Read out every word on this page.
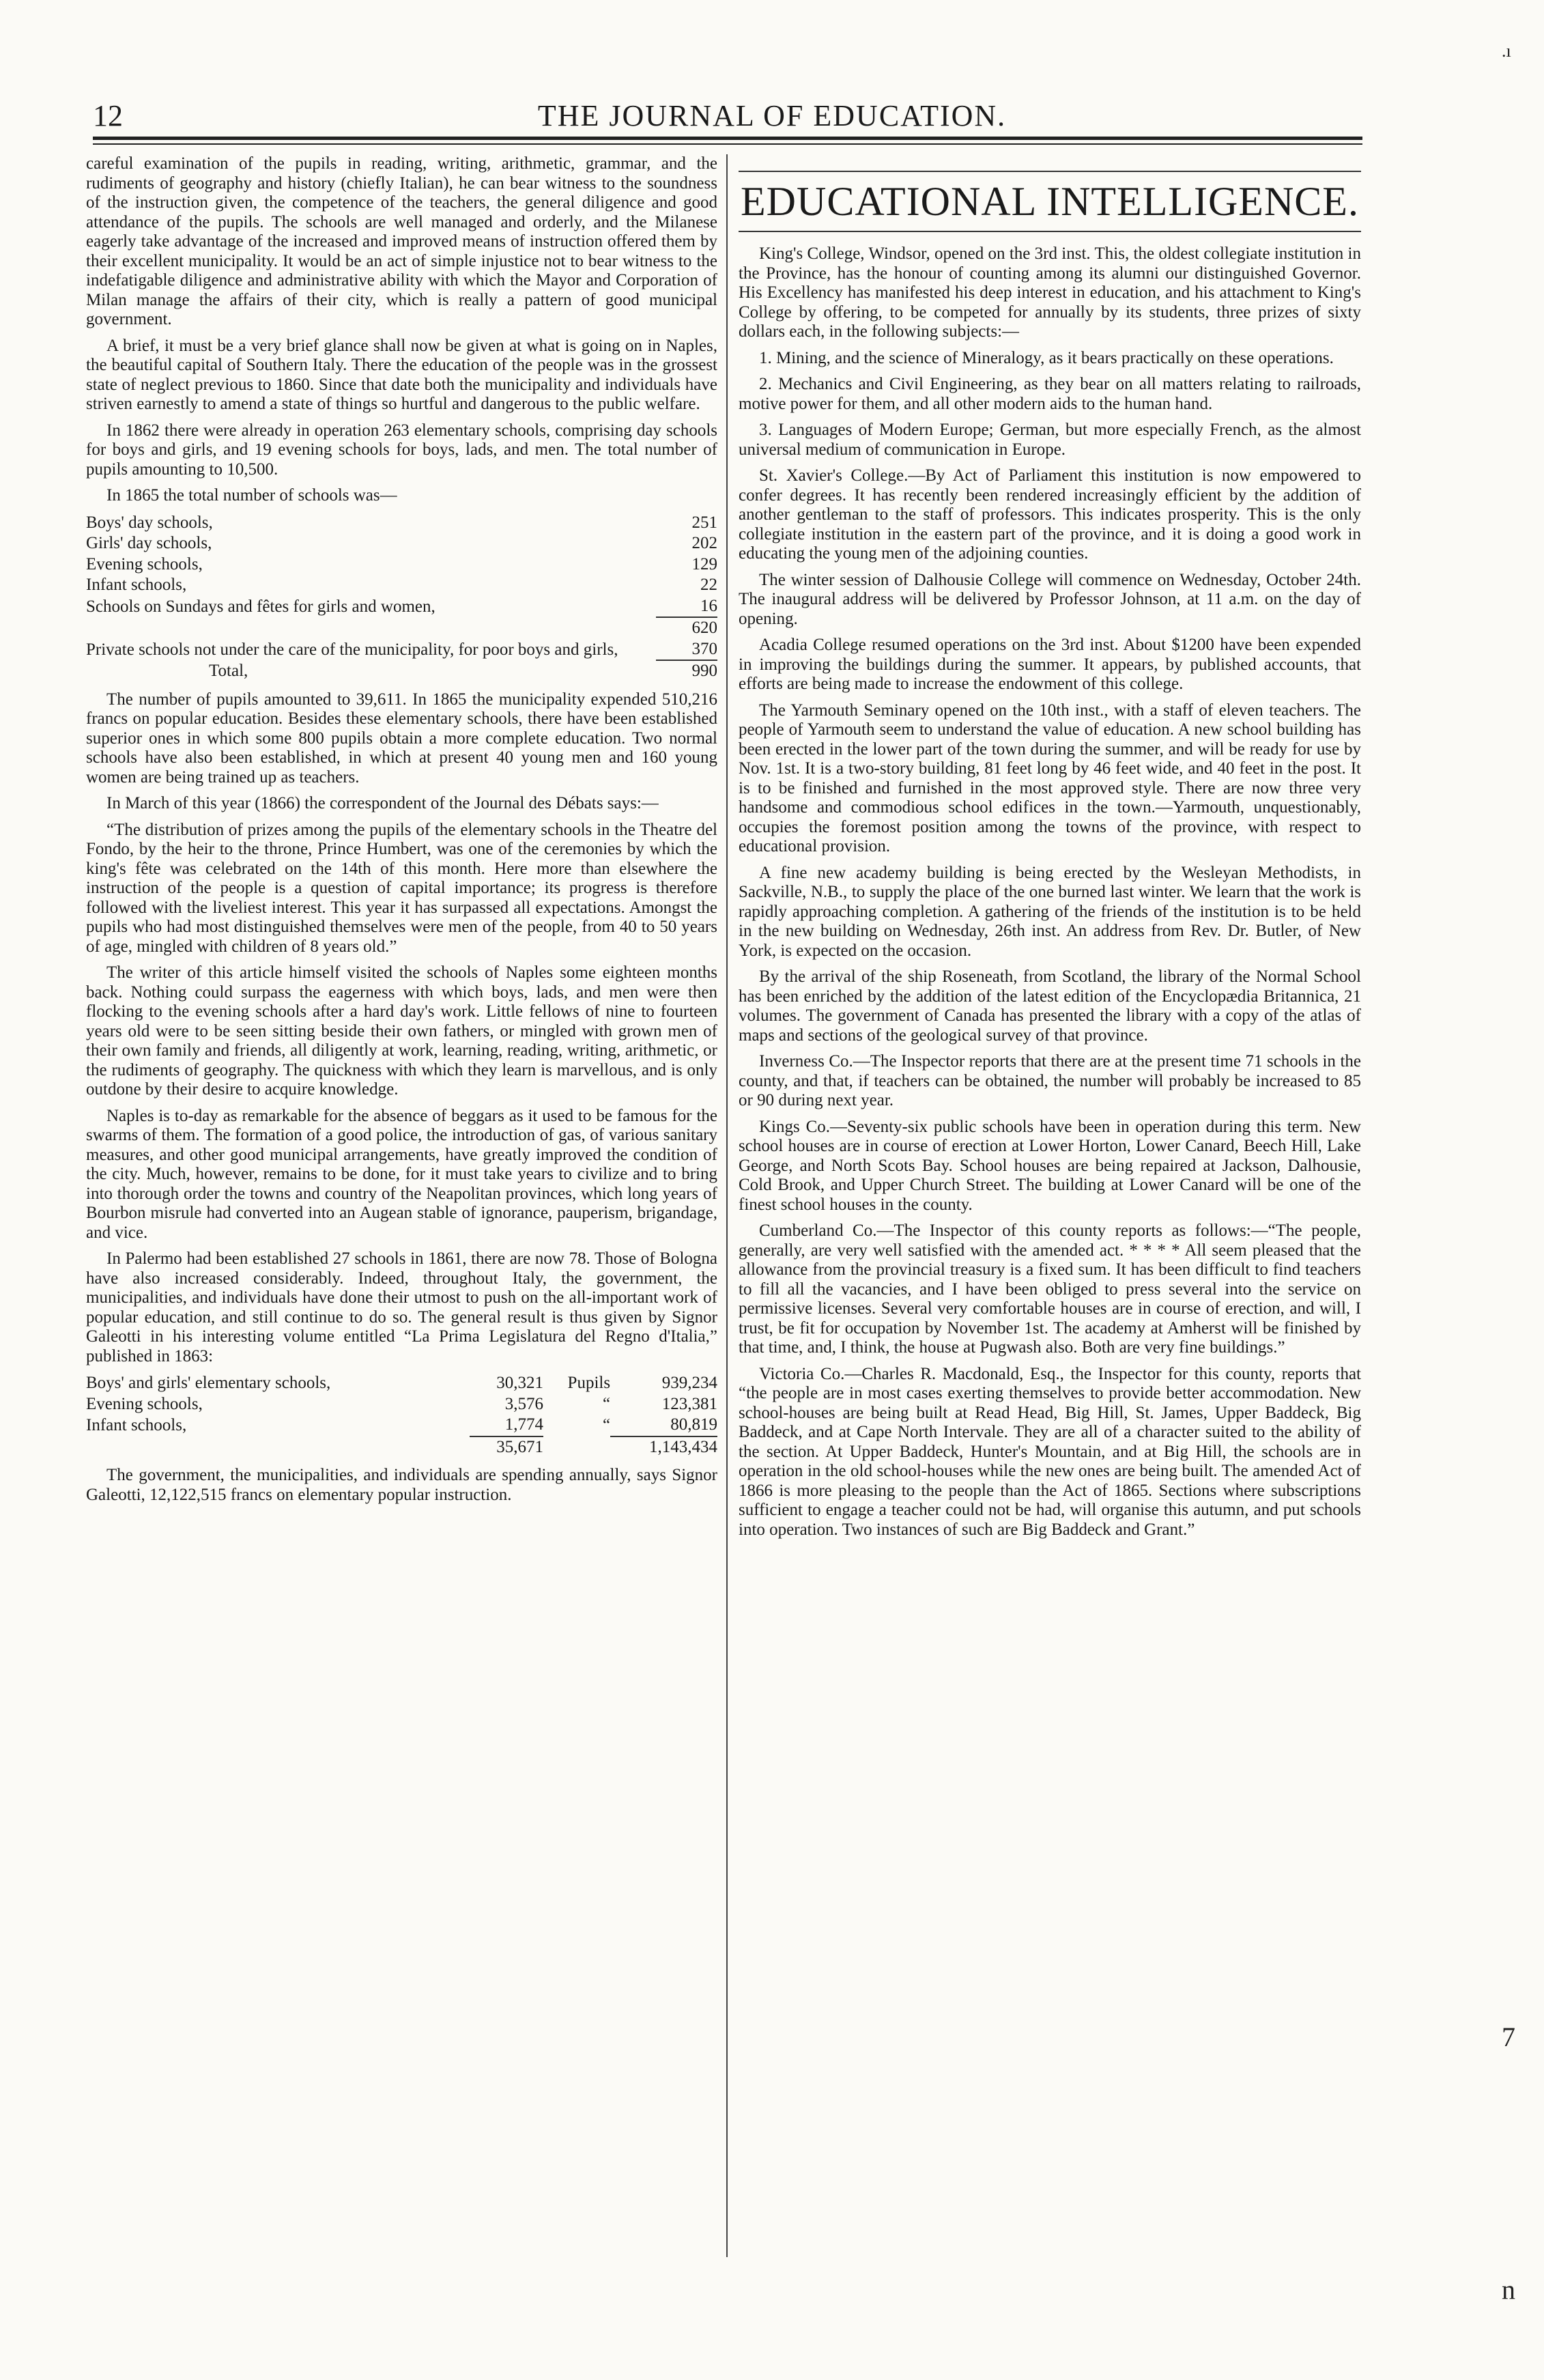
12	THE JOURNAL OF EDUCATION.

careful examination of the pupils in reading, writing, arithmetic, grammar, and the rudiments of geography and history (chiefly Italian), he can bear witness to the soundness of the instruction given, the competence of the teachers, the general diligence and good attendance of the pupils. The schools are well managed and orderly, and the Milanese eagerly take advantage of the increased and improved means of instruction offered them by their excellent municipality. It would be an act of simple injustice not to bear witness to the indefatigable diligence and administrative ability with which the Mayor and Corporation of Milan manage the affairs of their city, which is really a pattern of good municipal government.

A brief, it must be a very brief glance shall now be given at what is going on in Naples, the beautiful capital of Southern Italy. There the education of the people was in the grossest state of neglect previous to 1860. Since that date both the municipality and individuals have striven earnestly to amend a state of things so hurtful and dangerous to the public welfare.

In 1862 there were already in operation 263 elementary schools, comprising day schools for boys and girls, and 19 evening schools for boys, lads, and men. The total number of pupils amounting to 10,500.

In 1865 the total number of schools was—

Boys' day schools,	251
Girls' day schools,	202
Evening schools,	129
Infant schools,	22
Schools on Sundays and fêtes for girls and women,	16
	620
Private schools not under the care of the municipality, for poor boys and girls,	370
Total,	990

The number of pupils amounted to 39,611. In 1865 the municipality expended 510,216 francs on popular education. Besides these elementary schools, there have been established superior ones in which some 800 pupils obtain a more complete education. Two normal schools have also been established, in which at present 40 young men and 160 young women are being trained up as teachers.

In March of this year (1866) the correspondent of the Journal des Débats says:—

“The distribution of prizes among the pupils of the elementary schools in the Theatre del Fondo, by the heir to the throne, Prince Humbert, was one of the ceremonies by which the king's fête was celebrated on the 14th of this month. Here more than elsewhere the instruction of the people is a question of capital importance; its progress is therefore followed with the liveliest interest. This year it has surpassed all expectations. Amongst the pupils who had most distinguished themselves were men of the people, from 40 to 50 years of age, mingled with children of 8 years old.”

The writer of this article himself visited the schools of Naples some eighteen months back. Nothing could surpass the eagerness with which boys, lads, and men were then flocking to the evening schools after a hard day's work. Little fellows of nine to fourteen years old were to be seen sitting beside their own fathers, or mingled with grown men of their own family and friends, all diligently at work, learning, reading, writing, arithmetic, or the rudiments of geography. The quickness with which they learn is marvellous, and is only outdone by their desire to acquire knowledge.

Naples is to-day as remarkable for the absence of beggars as it used to be famous for the swarms of them. The formation of a good police, the introduction of gas, of various sanitary measures, and other good municipal arrangements, have greatly improved the condition of the city. Much, however, remains to be done, for it must take years to civilize and to bring into thorough order the towns and country of the Neapolitan provinces, which long years of Bourbon misrule had converted into an Augean stable of ignorance, pauperism, brigandage, and vice.

In Palermo had been established 27 schools in 1861, there are now 78. Those of Bologna have also increased considerably. Indeed, throughout Italy, the government, the municipalities, and individuals have done their utmost to push on the all-important work of popular education, and still continue to do so. The general result is thus given by Signor Galeotti in his interesting volume entitled “La Prima Legislatura del Regno d'Italia,” published in 1863:

Boys' and girls' elementary schools,	30,321	Pupils	939,234
Evening schools,	3,576	“	123,381
Infant schools,	1,774	“	80,819
	35,671		1,143,434

The government, the municipalities, and individuals are spending annually, says Signor Galeotti, 12,122,515 francs on elementary popular instruction.

EDUCATIONAL INTELLIGENCE.

King's College, Windsor, opened on the 3rd inst. This, the oldest collegiate institution in the Province, has the honour of counting among its alumni our distinguished Governor. His Excellency has manifested his deep interest in education, and his attachment to King's College by offering, to be competed for annually by its students, three prizes of sixty dollars each, in the following subjects:—

1. Mining, and the science of Mineralogy, as it bears practically on these operations.

2. Mechanics and Civil Engineering, as they bear on all matters relating to railroads, motive power for them, and all other modern aids to the human hand.

3. Languages of Modern Europe; German, but more especially French, as the almost universal medium of communication in Europe.

St. Xavier's College.—By Act of Parliament this institution is now empowered to confer degrees. It has recently been rendered increasingly efficient by the addition of another gentleman to the staff of professors. This indicates prosperity. This is the only collegiate institution in the eastern part of the province, and it is doing a good work in educating the young men of the adjoining counties.

The winter session of Dalhousie College will commence on Wednesday, October 24th. The inaugural address will be delivered by Professor Johnson, at 11 a.m. on the day of opening.

Acadia College resumed operations on the 3rd inst. About $1200 have been expended in improving the buildings during the summer. It appears, by published accounts, that efforts are being made to increase the endowment of this college.

The Yarmouth Seminary opened on the 10th inst., with a staff of eleven teachers. The people of Yarmouth seem to understand the value of education. A new school building has been erected in the lower part of the town during the summer, and will be ready for use by Nov. 1st. It is a two-story building, 81 feet long by 46 feet wide, and 40 feet in the post. It is to be finished and furnished in the most approved style. There are now three very handsome and commodious school edifices in the town.—Yarmouth, unquestionably, occupies the foremost position among the towns of the province, with respect to educational provision.

A fine new academy building is being erected by the Wesleyan Methodists, in Sackville, N.B., to supply the place of the one burned last winter. We learn that the work is rapidly approaching completion. A gathering of the friends of the institution is to be held in the new building on Wednesday, 26th inst. An address from Rev. Dr. Butler, of New York, is expected on the occasion.

By the arrival of the ship Roseneath, from Scotland, the library of the Normal School has been enriched by the addition of the latest edition of the Encyclopædia Britannica, 21 volumes. The government of Canada has presented the library with a copy of the atlas of maps and sections of the geological survey of that province.

Inverness Co.—The Inspector reports that there are at the present time 71 schools in the county, and that, if teachers can be obtained, the number will probably be increased to 85 or 90 during next year.

Kings Co.—Seventy-six public schools have been in operation during this term. New school houses are in course of erection at Lower Horton, Lower Canard, Beech Hill, Lake George, and North Scots Bay. School houses are being repaired at Jackson, Dalhousie, Cold Brook, and Upper Church Street. The building at Lower Canard will be one of the finest school houses in the county.

Cumberland Co.—The Inspector of this county reports as follows:—“The people, generally, are very well satisfied with the amended act. * * * * All seem pleased that the allowance from the provincial treasury is a fixed sum. It has been difficult to find teachers to fill all the vacancies, and I have been obliged to press several into the service on permissive licenses. Several very comfortable houses are in course of erection, and will, I trust, be fit for occupation by November 1st. The academy at Amherst will be finished by that time, and, I think, the house at Pugwash also. Both are very fine buildings.”

Victoria Co.—Charles R. Macdonald, Esq., the Inspector for this county, reports that “the people are in most cases exerting themselves to provide better accommodation. New school-houses are being built at Read Head, Big Hill, St. James, Upper Baddeck, Big Baddeck, and at Cape North Intervale. They are all of a character suited to the ability of the section. At Upper Baddeck, Hunter's Mountain, and at Big Hill, the schools are in operation in the old school-houses while the new ones are being built. The amended Act of 1866 is more pleasing to the people than the Act of 1865. Sections where subscriptions sufficient to engage a teacher could not be had, will organise this autumn, and put schools into operation. Two instances of such are Big Baddeck and Grant.”

.ı
7
n
